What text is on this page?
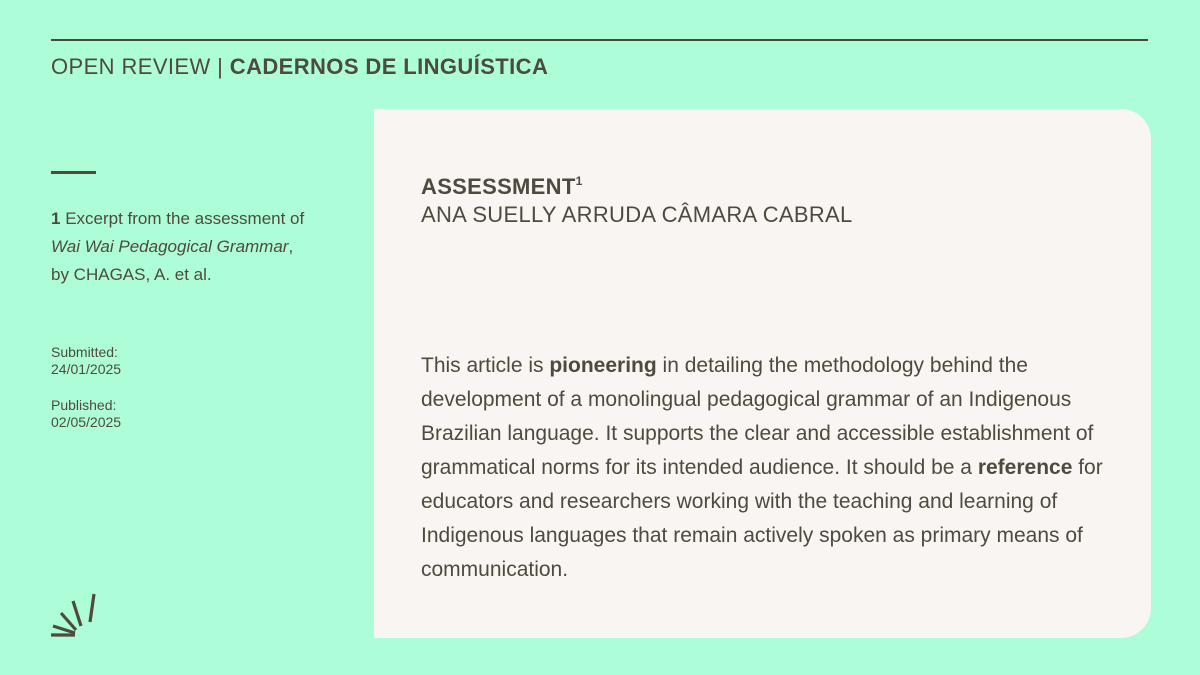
OPEN REVIEW | CADERNOS DE LINGUÍSTICA
1 Excerpt from the assessment of Wai Wai Pedagogical Grammar, by CHAGAS, A. et al.
Submitted:
24/01/2025
Published:
02/05/2025
ASSESSMENT$^1$
ANA SUELLY ARRUDA CÂMARA CABRAL
This article is pioneering in detailing the methodology behind the development of a monolingual pedagogical grammar of an Indigenous Brazilian language. It supports the clear and accessible establishment of grammatical norms for its intended audience. It should be a reference for educators and researchers working with the teaching and learning of Indigenous languages that remain actively spoken as primary means of communication.
